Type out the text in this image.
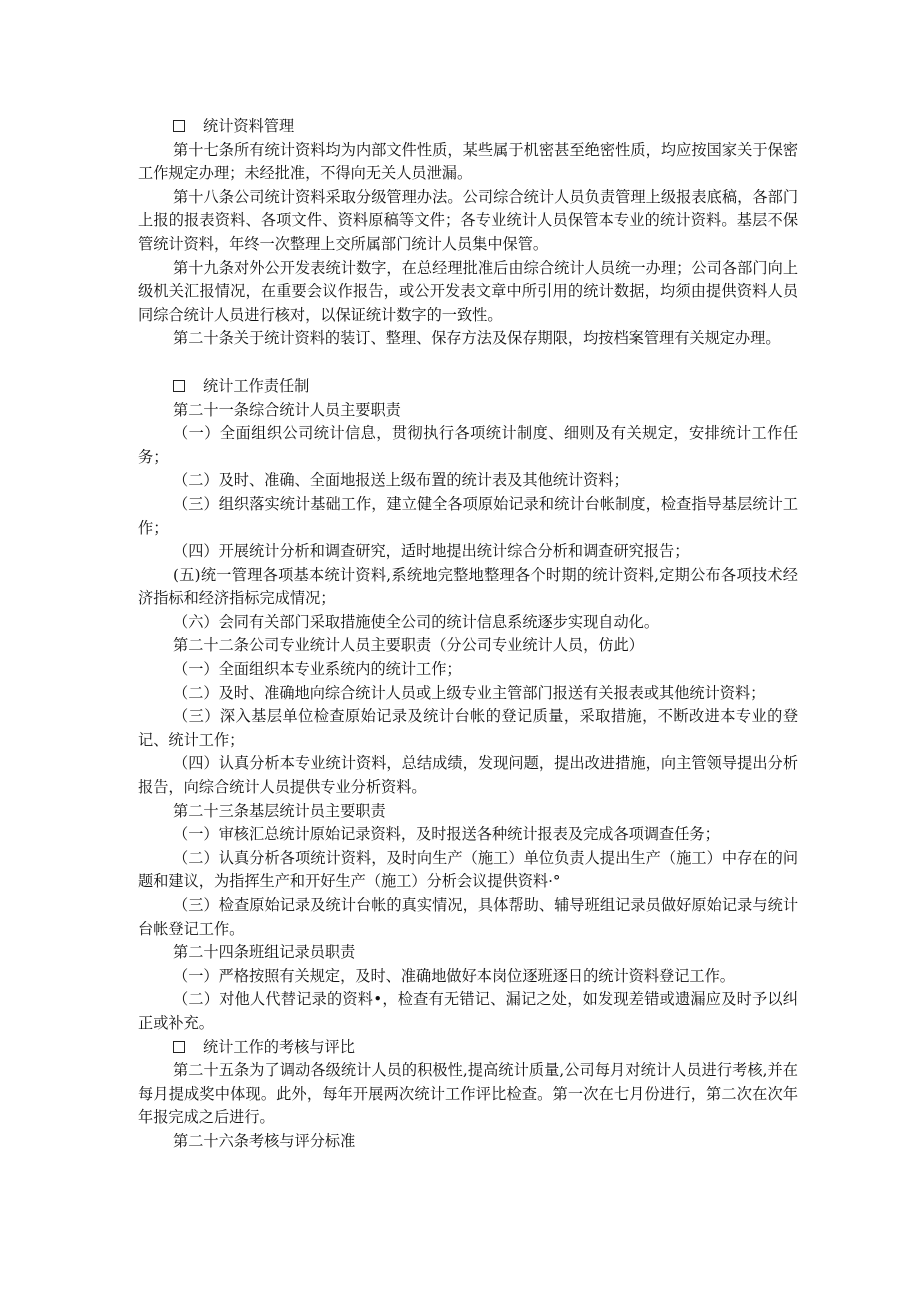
统计资料管理

第十七条所有统计资料均为内部文件性质，某些属于机密甚至绝密性质，均应按国家关于保密工作规定办理；未经批准，不得向无关人员泄漏。

第十八条公司统计资料采取分级管理办法。公司综合统计人员负责管理上级报表底稿，各部门上报的报表资料、各项文件、资料原稿等文件；各专业统计人员保管本专业的统计资料。基层不保管统计资料，年终一次整理上交所属部门统计人员集中保管。

第十九条对外公开发表统计数字，在总经理批准后由综合统计人员统一办理；公司各部门向上级机关汇报情况，在重要会议作报告，或公开发表文章中所引用的统计数据，均须由提供资料人员同综合统计人员进行核对，以保证统计数字的一致性。

第二十条关于统计资料的装订、整理、保存方法及保存期限，均按档案管理有关规定办理。

统计工作责任制

第二十一条综合统计人员主要职责

（一）全面组织公司统计信息，贯彻执行各项统计制度、细则及有关规定，安排统计工作任务；

（二）及时、准确、全面地报送上级布置的统计表及其他统计资料；

（三）组织落实统计基础工作，建立健全各项原始记录和统计台帐制度，检查指导基层统计工作；

（四）开展统计分析和调查研究，适时地提出统计综合分析和调查研究报告；

(五)统一管理各项基本统计资料,系统地完整地整理各个时期的统计资料,定期公布各项技术经济指标和经济指标完成情况；

（六）会同有关部门采取措施使全公司的统计信息系统逐步实现自动化。

第二十二条公司专业统计人员主要职责（分公司专业统计人员，仿此）

（一）全面组织本专业系统内的统计工作；

（二）及时、准确地向综合统计人员或上级专业主管部门报送有关报表或其他统计资料；

（三）深入基层单位检查原始记录及统计台帐的登记质量，采取措施，不断改进本专业的登记、统计工作；

（四）认真分析本专业统计资料，总结成绩，发现问题，提出改进措施，向主管领导提出分析报告，向综合统计人员提供专业分析资料。

第二十三条基层统计员主要职责

（一）审核汇总统计原始记录资料，及时报送各种统计报表及完成各项调查任务；

（二）认真分析各项统计资料，及时向生产（施工）单位负责人提出生产（施工）中存在的问题和建议，为指挥生产和开好生产（施工）分析会议提供资料·°

（三）检查原始记录及统计台帐的真实情况，具体帮助、辅导班组记录员做好原始记录与统计台帐登记工作。

第二十四条班组记录员职责

（一）严格按照有关规定，及时、准确地做好本岗位逐班逐日的统计资料登记工作。

（二）对他人代替记录的资料•，检查有无错记、漏记之处，如发现差错或遗漏应及时予以纠正或补充。

统计工作的考核与评比

第二十五条为了调动各级统计人员的积极性,提高统计质量,公司每月对统计人员进行考核,并在每月提成奖中体现。此外，每年开展两次统计工作评比检查。第一次在七月份进行，第二次在次年年报完成之后进行。

第二十六条考核与评分标准
